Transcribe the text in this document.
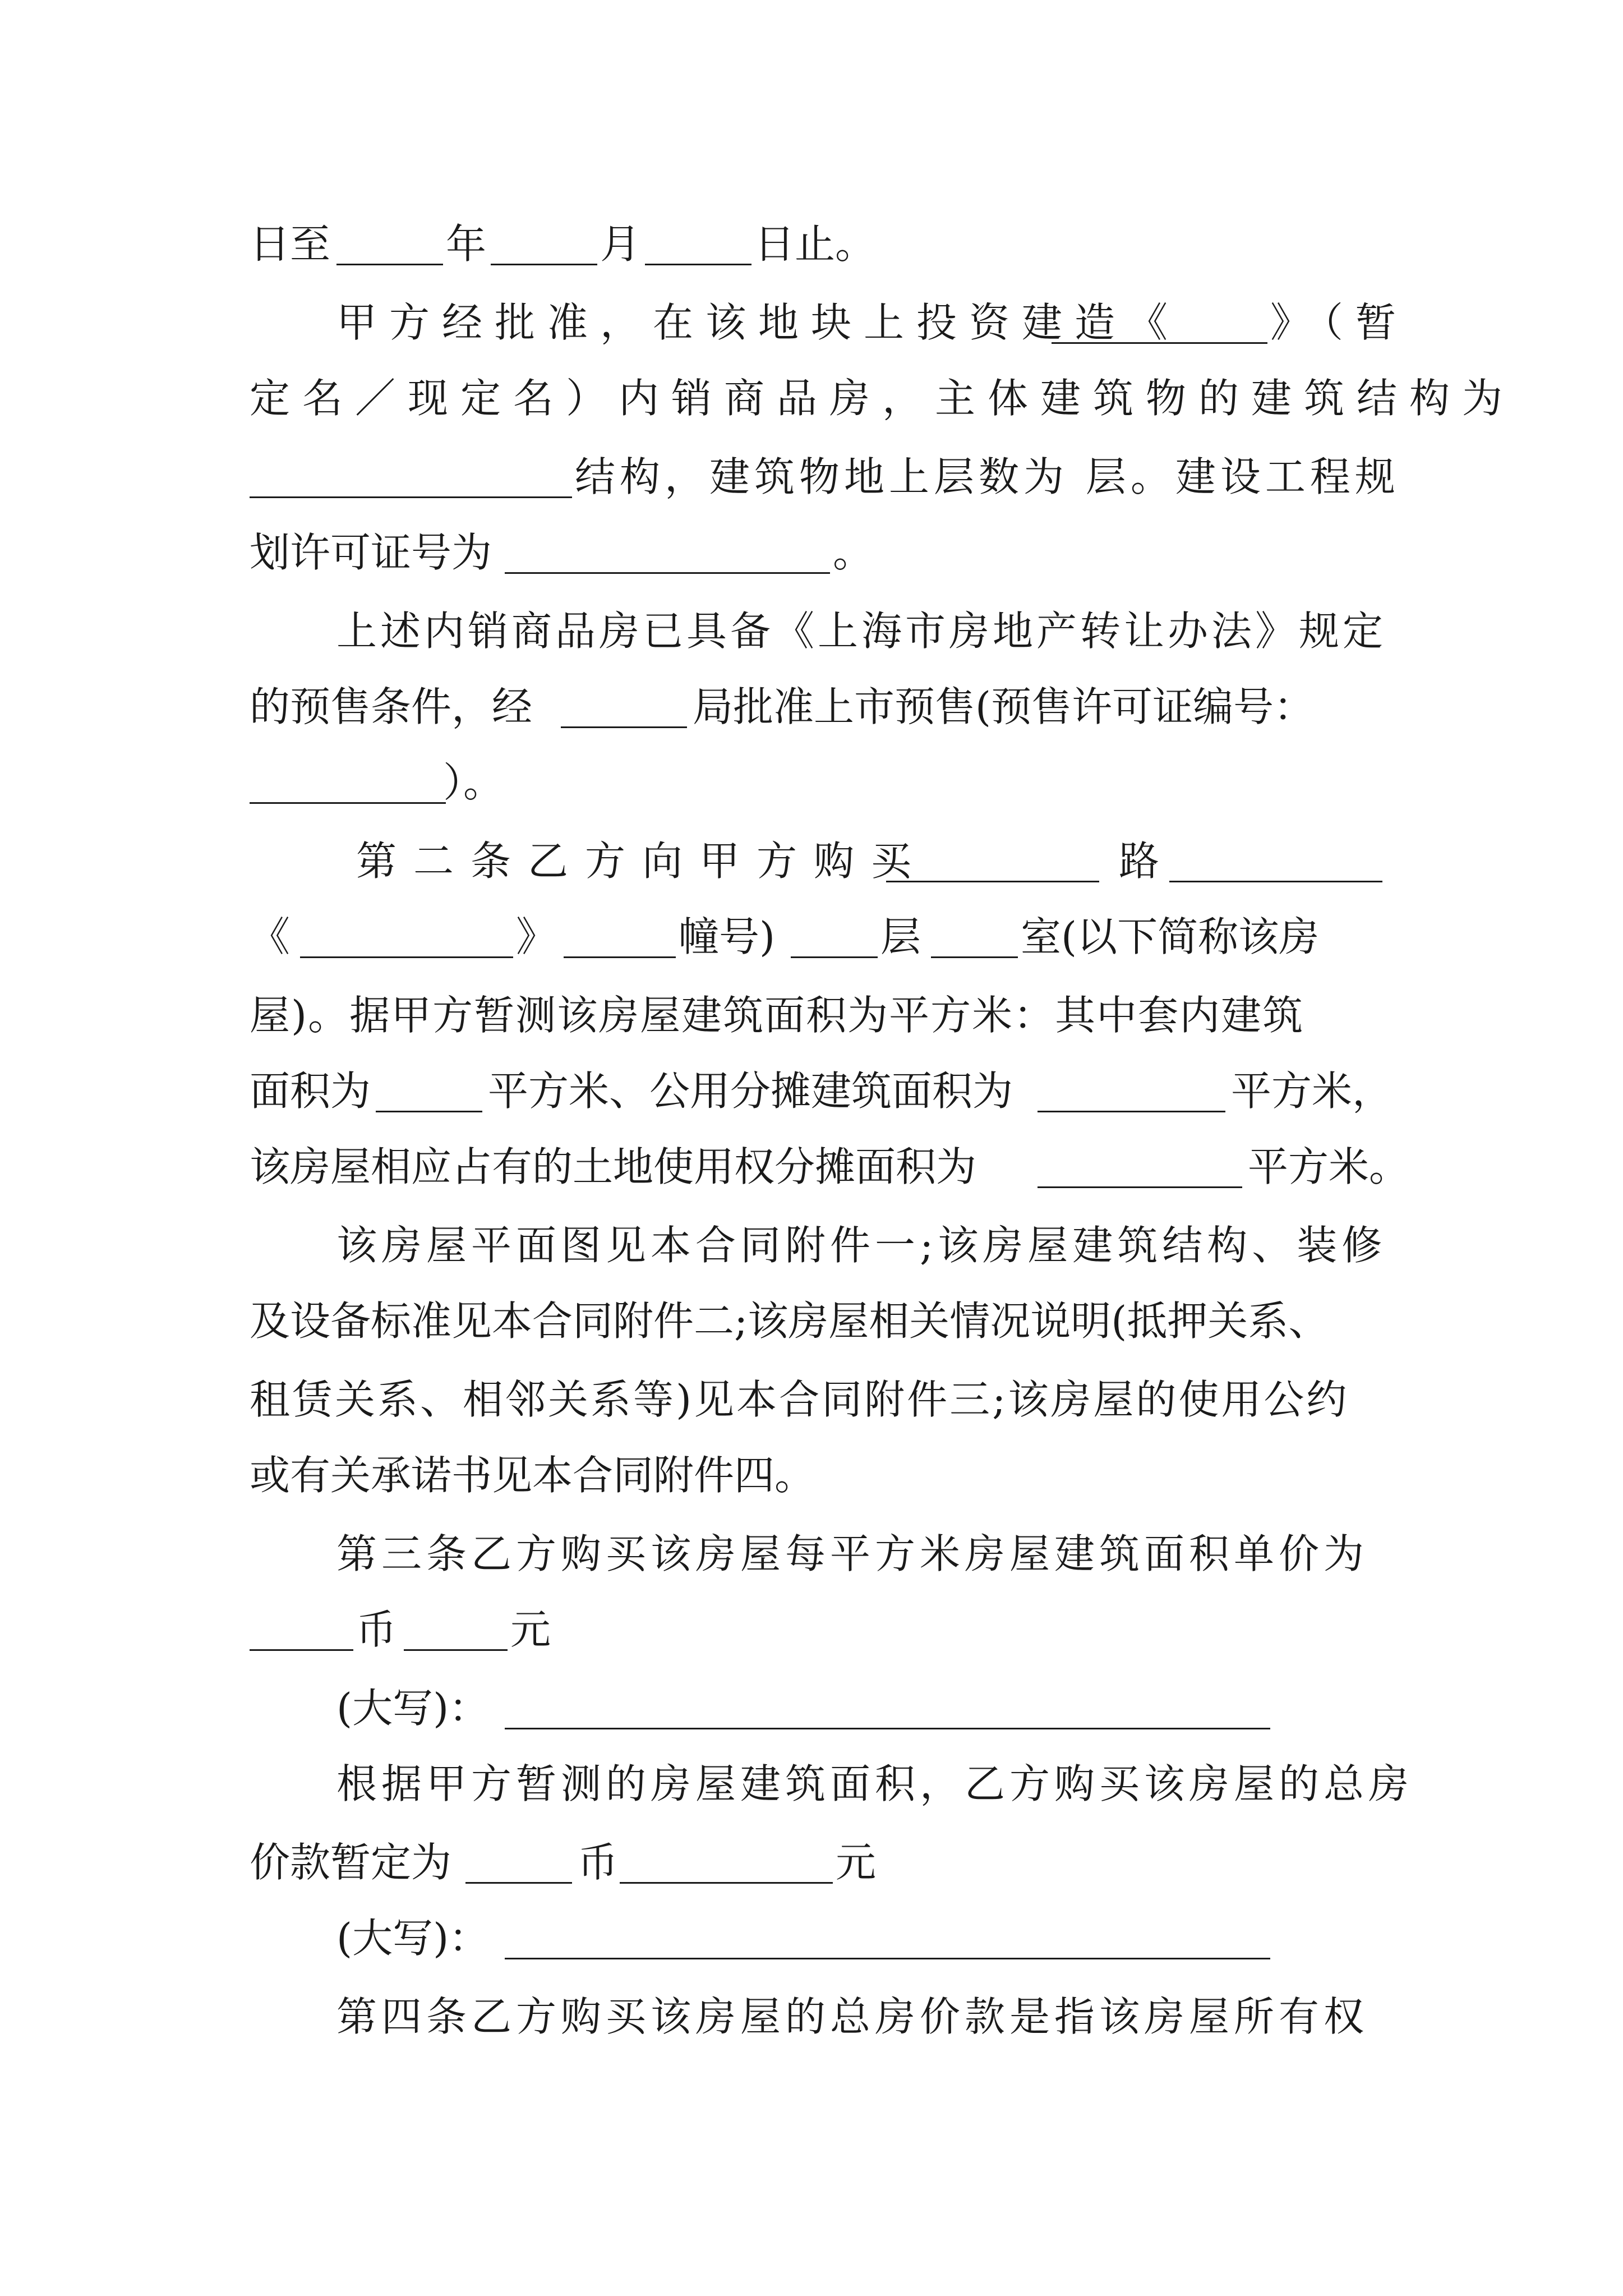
日至	年	月	日止。
甲方经批准，在该地块上投资建造《 》（暂
定名／现定名）内销商品房，主体建筑物的建筑结构为
结构，建筑物地上层数为 层。建设工程规
划许可证号为	。
上述内销商品房已具备《上海市房地产转让办法》规定
的预售条件，经	局批准上市预售(预售许可证编号：
）。
第二条乙方向甲方购买	路
《	》	幢号)	层 室(以下简称该房
屋)。据甲方暂测该房屋建筑面积为平方米：其中套内建筑
面积为	平方米、公用分摊建筑面积为	平方米，
该房屋相应占有的土地使用权分摊面积为	平方米。
该房屋平面图见本合同附件一;该房屋建筑结构、装修
及设备标准见本合同附件二;该房屋相关情况说明(抵押关系、
租赁关系、相邻关系等)见本合同附件三;该房屋的使用公约
或有关承诺书见本合同附件四。
第三条乙方购买该房屋每平方米房屋建筑面积单价为
币	元
(大写)：
根据甲方暂测的房屋建筑面积，乙方购买该房屋的总房
价款暂定为	币	元
(大写)：
第四条乙方购买该房屋的总房价款是指该房屋所有权
